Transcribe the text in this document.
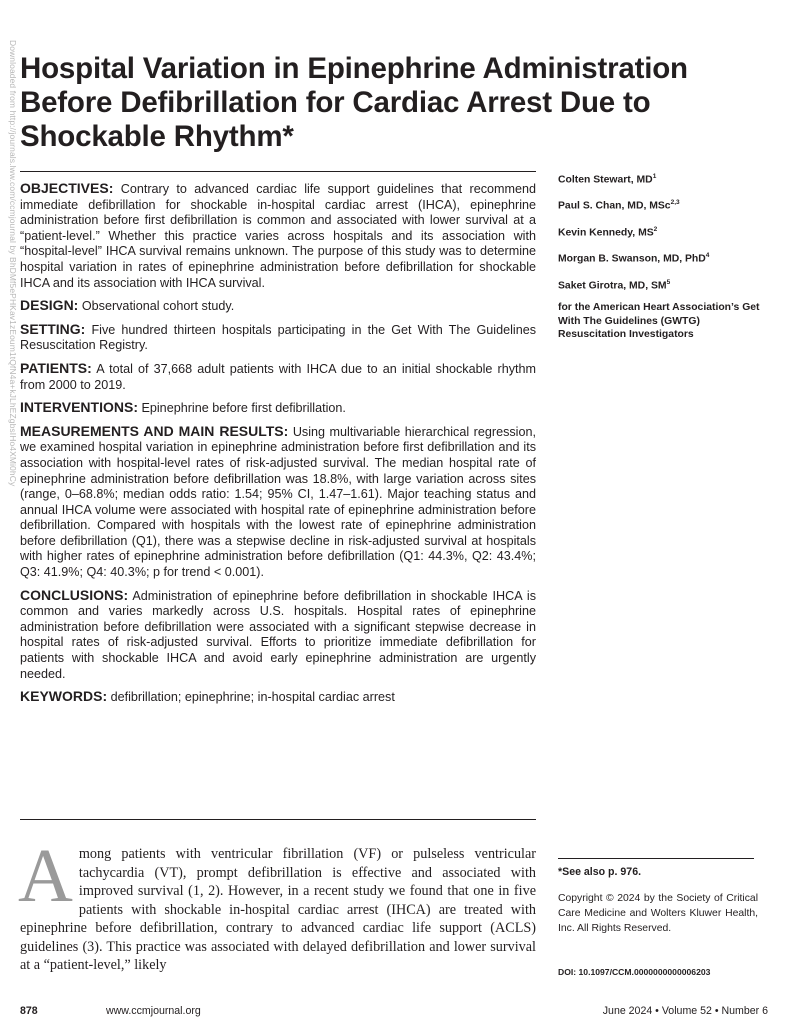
Downloaded from http://journals.lww.com/ccmjournal by BhDMf5ePHKav1zEoum1tQfN4a+kJLhEZgbsIHo4XMi0hCy Hospital Variation in Epinephrine Administration Before Defibrillation for Cardiac Arrest Due to Shockable Rhythm*

OBJECTIVES: Contrary to advanced cardiac life support guidelines that recommend immediate defibrillation for shockable in-hospital cardiac arrest (IHCA), epinephrine administration before first defibrillation is common and associated with lower survival at a “patient-level.” Whether this practice varies across hospitals and its association with “hospital-level” IHCA survival remains unknown. The purpose of this study was to determine hospital variation in rates of epinephrine administration before defibrillation for shockable IHCA and its association with IHCA survival.

DESIGN: Observational cohort study.

SETTING: Five hundred thirteen hospitals participating in the Get With The Guidelines Resuscitation Registry.

PATIENTS: A total of 37,668 adult patients with IHCA due to an initial shockable rhythm from 2000 to 2019.

INTERVENTIONS: Epinephrine before first defibrillation.

MEASUREMENTS AND MAIN RESULTS: Using multivariable hierarchical regression, we examined hospital variation in epinephrine administration before first defibrillation and its association with hospital-level rates of risk-adjusted survival. The median hospital rate of epinephrine administration before defibrillation was 18.8%, with large variation across sites (range, 0–68.8%; median odds ratio: 1.54; 95% CI, 1.47–1.61). Major teaching status and annual IHCA volume were associated with hospital rate of epinephrine administration before defibrillation. Compared with hospitals with the lowest rate of epinephrine administration before defibrillation (Q1), there was a stepwise decline in risk-adjusted survival at hospitals with higher rates of epinephrine administration before defibrillation (Q1: 44.3%, Q2: 43.4%; Q3: 41.9%; Q4: 40.3%; p for trend < 0.001).

CONCLUSIONS: Administration of epinephrine before defibrillation in shockable IHCA is common and varies markedly across U.S. hospitals. Hospital rates of epinephrine administration before defibrillation were associated with a significant stepwise decrease in hospital rates of risk-adjusted survival. Efforts to prioritize immediate defibrillation for patients with shockable IHCA and avoid early epinephrine administration are urgently needed.

KEYWORDS: defibrillation; epinephrine; in-hospital cardiac arrest

Colten Stewart, $MD^1$
Paul S. Chan, MD, MSc$^{2,3}$
Kevin Kennedy, $MS^2$
Morgan B. Swanson, MD, PhD$^4$
Saket Girotra, MD, $SM^5$
for the American Heart Association’s Get With The Guidelines (GWTG) Resuscitation Investigators
Among patients with ventricular fibrillation (VF) or pulseless ventricular tachycardia (VT), prompt defibrillation is effective and associated with improved survival (1, 2). However, in a recent study we found that one in five patients with shockable in-hospital cardiac arrest (IHCA) are treated with epinephrine before defibrillation, contrary to advanced cardiac life support (ACLS) guidelines (3). This practice was associated with delayed defibrillation and lower survival at a “patient-level,” likely
*See also p. 976.
Copyright © 2024 by the Society of Critical Care Medicine and Wolters Kluwer Health, Inc. All Rights Reserved.
DOI: 10.1097/CCM.0000000000006203
878	www.ccmjournal.org	June 2024 • Volume 52 • Number 6
